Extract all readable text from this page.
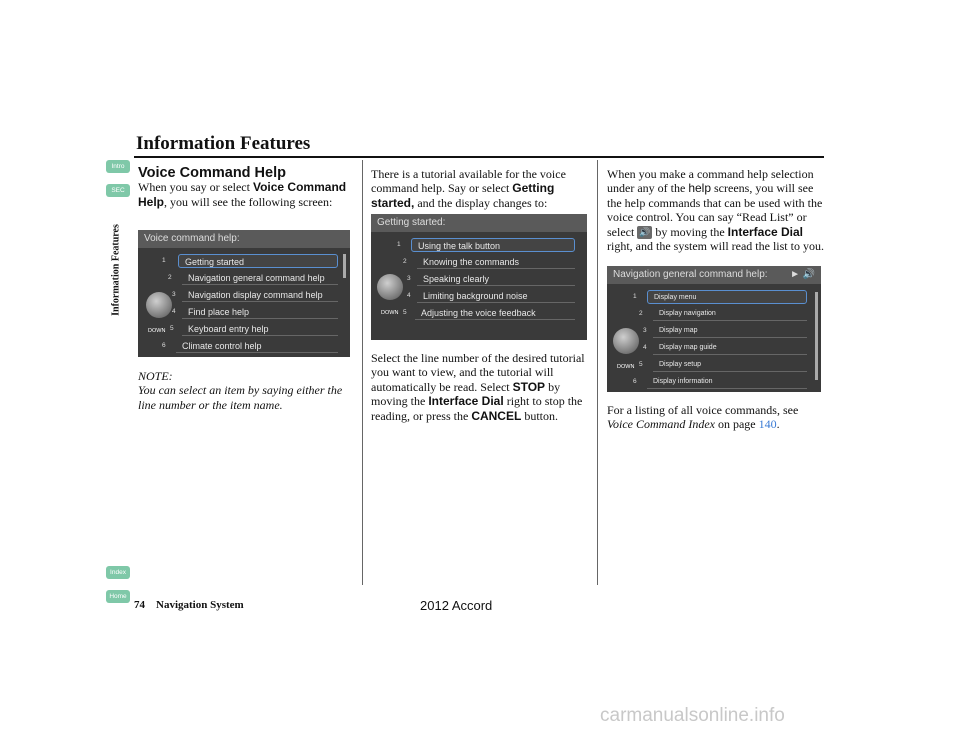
Information Features
Intro
SEC
Information Features
Index
Home
Voice Command Help

When you say or select Voice Command Help, you will see the following screen:

Voice command help:
DOWN
1
2
3
4
5
6
Getting started
Navigation general command help
Navigation display command help
Find place help
Keyboard entry help
Climate control help

NOTE:

You can select an item by saying either the line number or the item name.

There is a tutorial available for the voice command help. Say or select Getting started, and the display changes to:

Getting started:
DOWN
1
2
3
4
5
Using the talk button
Knowing the commands
Speaking clearly
Limiting background noise
Adjusting the voice feedback

Select the line number of the desired tutorial you want to view, and the tutorial will automatically be read. Select STOP by moving the Interface Dial right to stop the reading, or press the CANCEL button.

When you make a command help selection under any of the help screens, you will see the help commands that can be used with the voice control. You can say “Read List” or select 🔊 by moving the Interface Dial right, and the system will read the list to you.

Navigation general command help:	► 🔊
DOWN
1
2
3
4
5
6
Display menu
Display navigation
Display map
Display map guide
Display setup
Display information

For a listing of all voice commands, see Voice Command Index on page 140.

74 Navigation System	2012 Accord
carmanualsonline.info
